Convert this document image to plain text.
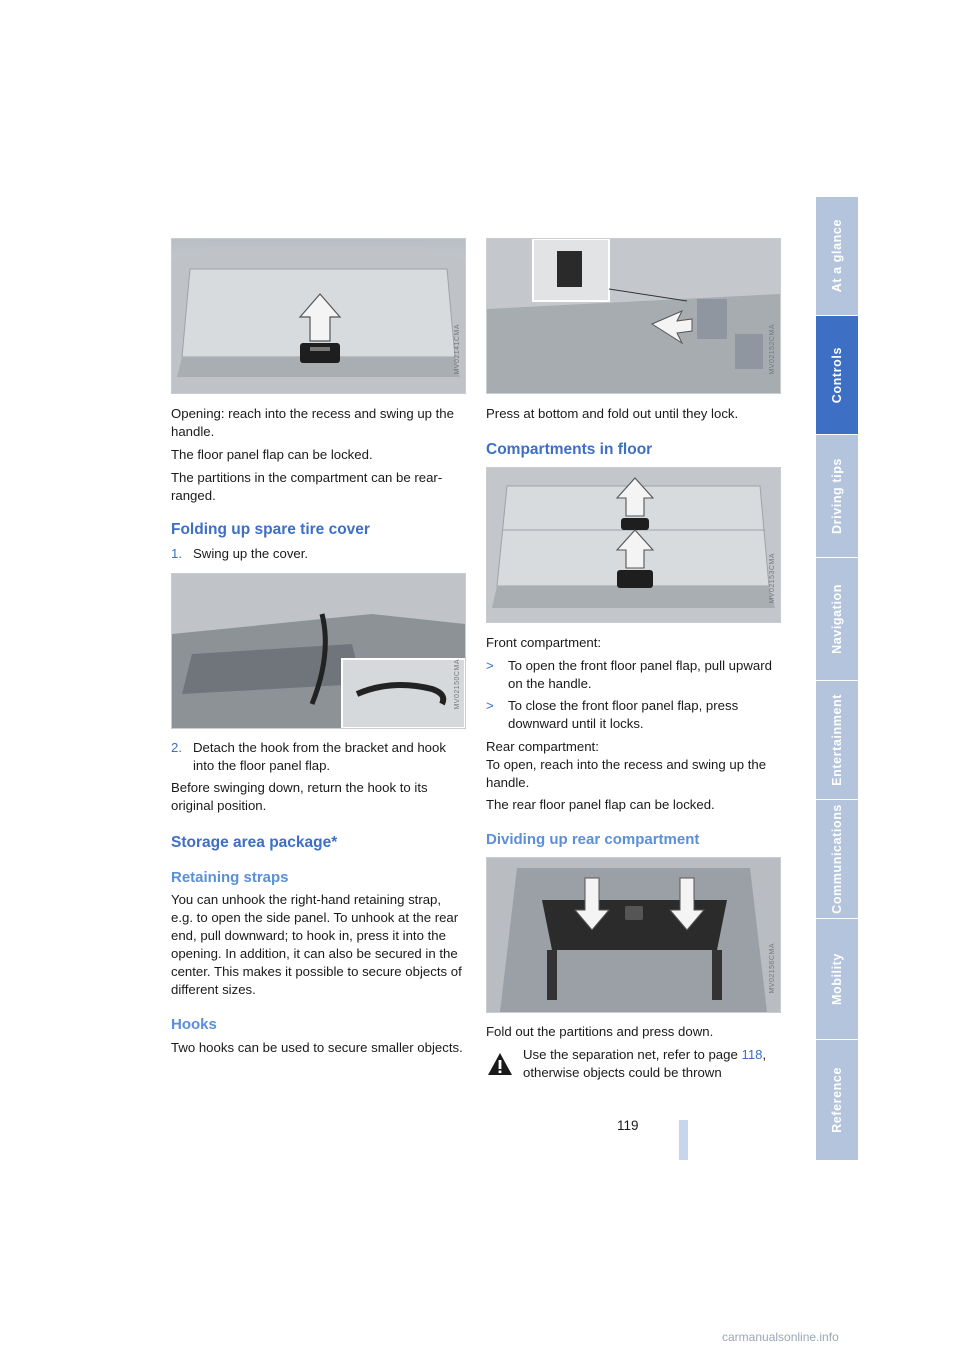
MV02141CMA

Opening: reach into the recess and swing up the handle.

The floor panel flap can be locked.

The partitions in the compartment can be rear-ranged.

Folding up spare tire cover
1. Swing up the cover.
MV02150CMA
2. Detach the hook from the bracket and hook into the floor panel flap.

Before swinging down, return the hook to its original position.

Storage area package*
Retaining straps

You can unhook the right-hand retaining strap, e.g. to open the side panel. To unhook at the rear end, pull downward; to hook in, press it into the opening. In addition, it can also be secured in the center. This makes it possible to secure objects of different sizes.

Hooks

Two hooks can be used to secure smaller objects.

MV02152CMA

Press at bottom and fold out until they lock.

Compartments in floor
MV02153CMA

Front compartment:

> To open the front floor panel flap, pull upward on the handle.
> To close the front floor panel flap, press downward until it locks.

Rear compartment:

To open, reach into the recess and swing up the handle.

The rear floor panel flap can be locked.

Dividing up rear compartment
MV02156CMA

Fold out the partitions and press down.

Use the separation net, refer to page 118, otherwise objects could be thrown

119
At a glance
Controls
Driving tips
Navigation
Entertainment
Communications
Mobility
Reference
carmanualsonline.info
